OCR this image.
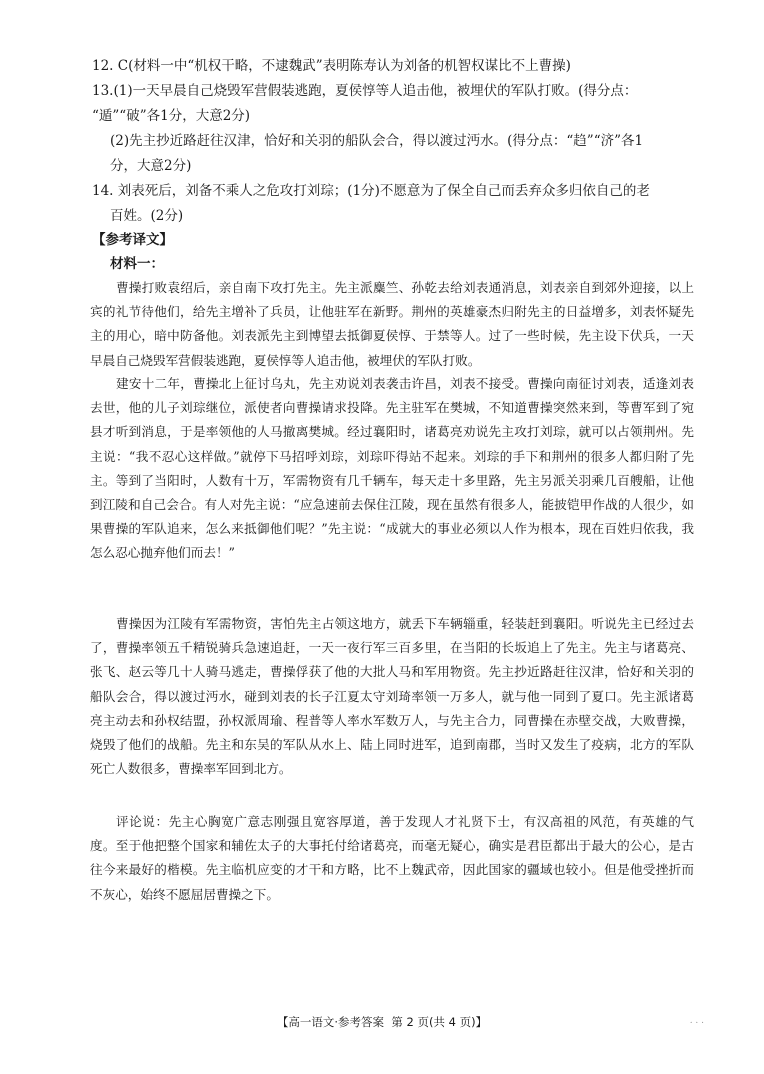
12. C(材料一中“机权干略，不逮魏武”表明陈寿认为刘备的机智权谋比不上曹操)
13.(1)一天早晨自己烧毁军营假装逃跑，夏侯惇等人追击他，被埋伏的军队打败。(得分点：
“遁”“破”各1分，大意2分)
(2)先主抄近路赶往汉津，恰好和关羽的船队会合，得以渡过沔水。(得分点：“趋”“济”各1
分，大意2分)
14. 刘表死后，刘备不乘人之危攻打刘琮；(1分)不愿意为了保全自己而丢弃众多归依自己的老
百姓。(2分)
【参考译文】
材料一：
曹操打败袁绍后，亲自南下攻打先主。先主派麋竺、孙乾去给刘表通消息，刘表亲自到郊外迎接，以上宾的礼节待他们，给先主增补了兵员，让他驻军在新野。荆州的英雄豪杰归附先主的日益增多，刘表怀疑先主的用心，暗中防备他。刘表派先主到博望去抵御夏侯惇、于禁等人。过了一些时候，先主设下伏兵，一天早晨自己烧毁军营假装逃跑，夏侯惇等人追击他，被埋伏的军队打败。
建安十二年，曹操北上征讨乌丸，先主劝说刘表袭击许昌，刘表不接受。曹操向南征讨刘表，适逢刘表去世，他的儿子刘琮继位，派使者向曹操请求投降。先主驻军在樊城，不知道曹操突然来到，等曹军到了宛县才听到消息，于是率领他的人马撤离樊城。经过襄阳时，诸葛亮劝说先主攻打刘琮，就可以占领荆州。先主说：“我不忍心这样做。”就停下马招呼刘琮，刘琮吓得站不起来。刘琮的手下和荆州的很多人都归附了先主。等到了当阳时，人数有十万，军需物资有几千辆车，每天走十多里路，先主另派关羽乘几百艘船，让他到江陵和自己会合。有人对先主说：“应急速前去保住江陵，现在虽然有很多人，能披铠甲作战的人很少，如果曹操的军队追来，怎么来抵御他们呢？”先主说：“成就大的事业必须以人作为根本，现在百姓归依我，我怎么忍心抛弃他们而去！”
曹操因为江陵有军需物资，害怕先主占领这地方，就丢下车辆辎重，轻装赶到襄阳。听说先主已经过去了，曹操率领五千精锐骑兵急速追赶，一天一夜行军三百多里，在当阳的长坂追上了先主。先主与诸葛亮、张飞、赵云等几十人骑马逃走，曹操俘获了他的大批人马和军用物资。先主抄近路赶往汉津，恰好和关羽的船队会合，得以渡过沔水，碰到刘表的长子江夏太守刘琦率领一万多人，就与他一同到了夏口。先主派诸葛亮主动去和孙权结盟，孙权派周瑜、程普等人率水军数万人，与先主合力，同曹操在赤壁交战，大败曹操，烧毁了他们的战船。先主和东吴的军队从水上、陆上同时进军，追到南郡，当时又发生了疫病，北方的军队死亡人数很多，曹操率军回到北方。
评论说：先主心胸宽广意志刚强且宽容厚道，善于发现人才礼贤下士，有汉高祖的风范，有英雄的气度。至于他把整个国家和辅佐太子的大事托付给诸葛亮，而毫无疑心，确实是君臣都出于最大的公心，是古往今来最好的楷模。先主临机应变的才干和方略，比不上魏武帝，因此国家的疆域也较小。但是他受挫折而不灰心，始终不愿屈居曹操之下。
【高一语文·参考答案 第 2 页(共 4 页)】	. . .
